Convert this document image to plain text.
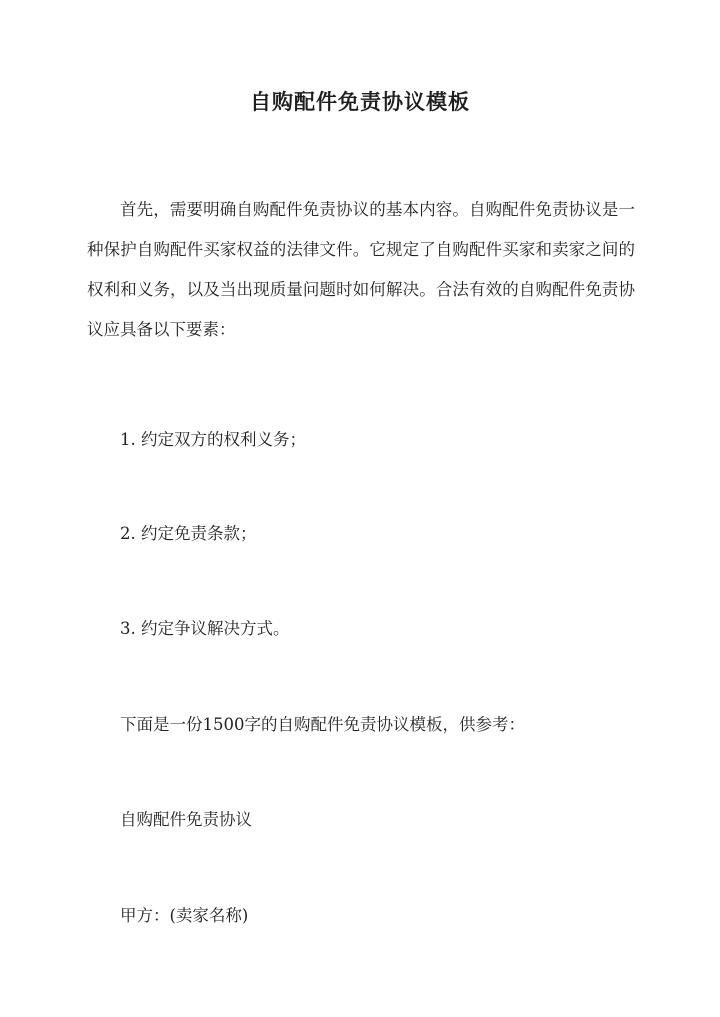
自购配件免责协议模板

首先，需要明确自购配件免责协议的基本内容。自购配件免责协议是一种保护自购配件买家权益的法律文件。它规定了自购配件买家和卖家之间的权利和义务，以及当出现质量问题时如何解决。合法有效的自购配件免责协议应具备以下要素：

1. 约定双方的权利义务；
2. 约定免责条款；
3. 约定争议解决方式。
下面是一份1500字的自购配件免责协议模板，供参考：
自购配件免责协议
甲方：(卖家名称)
